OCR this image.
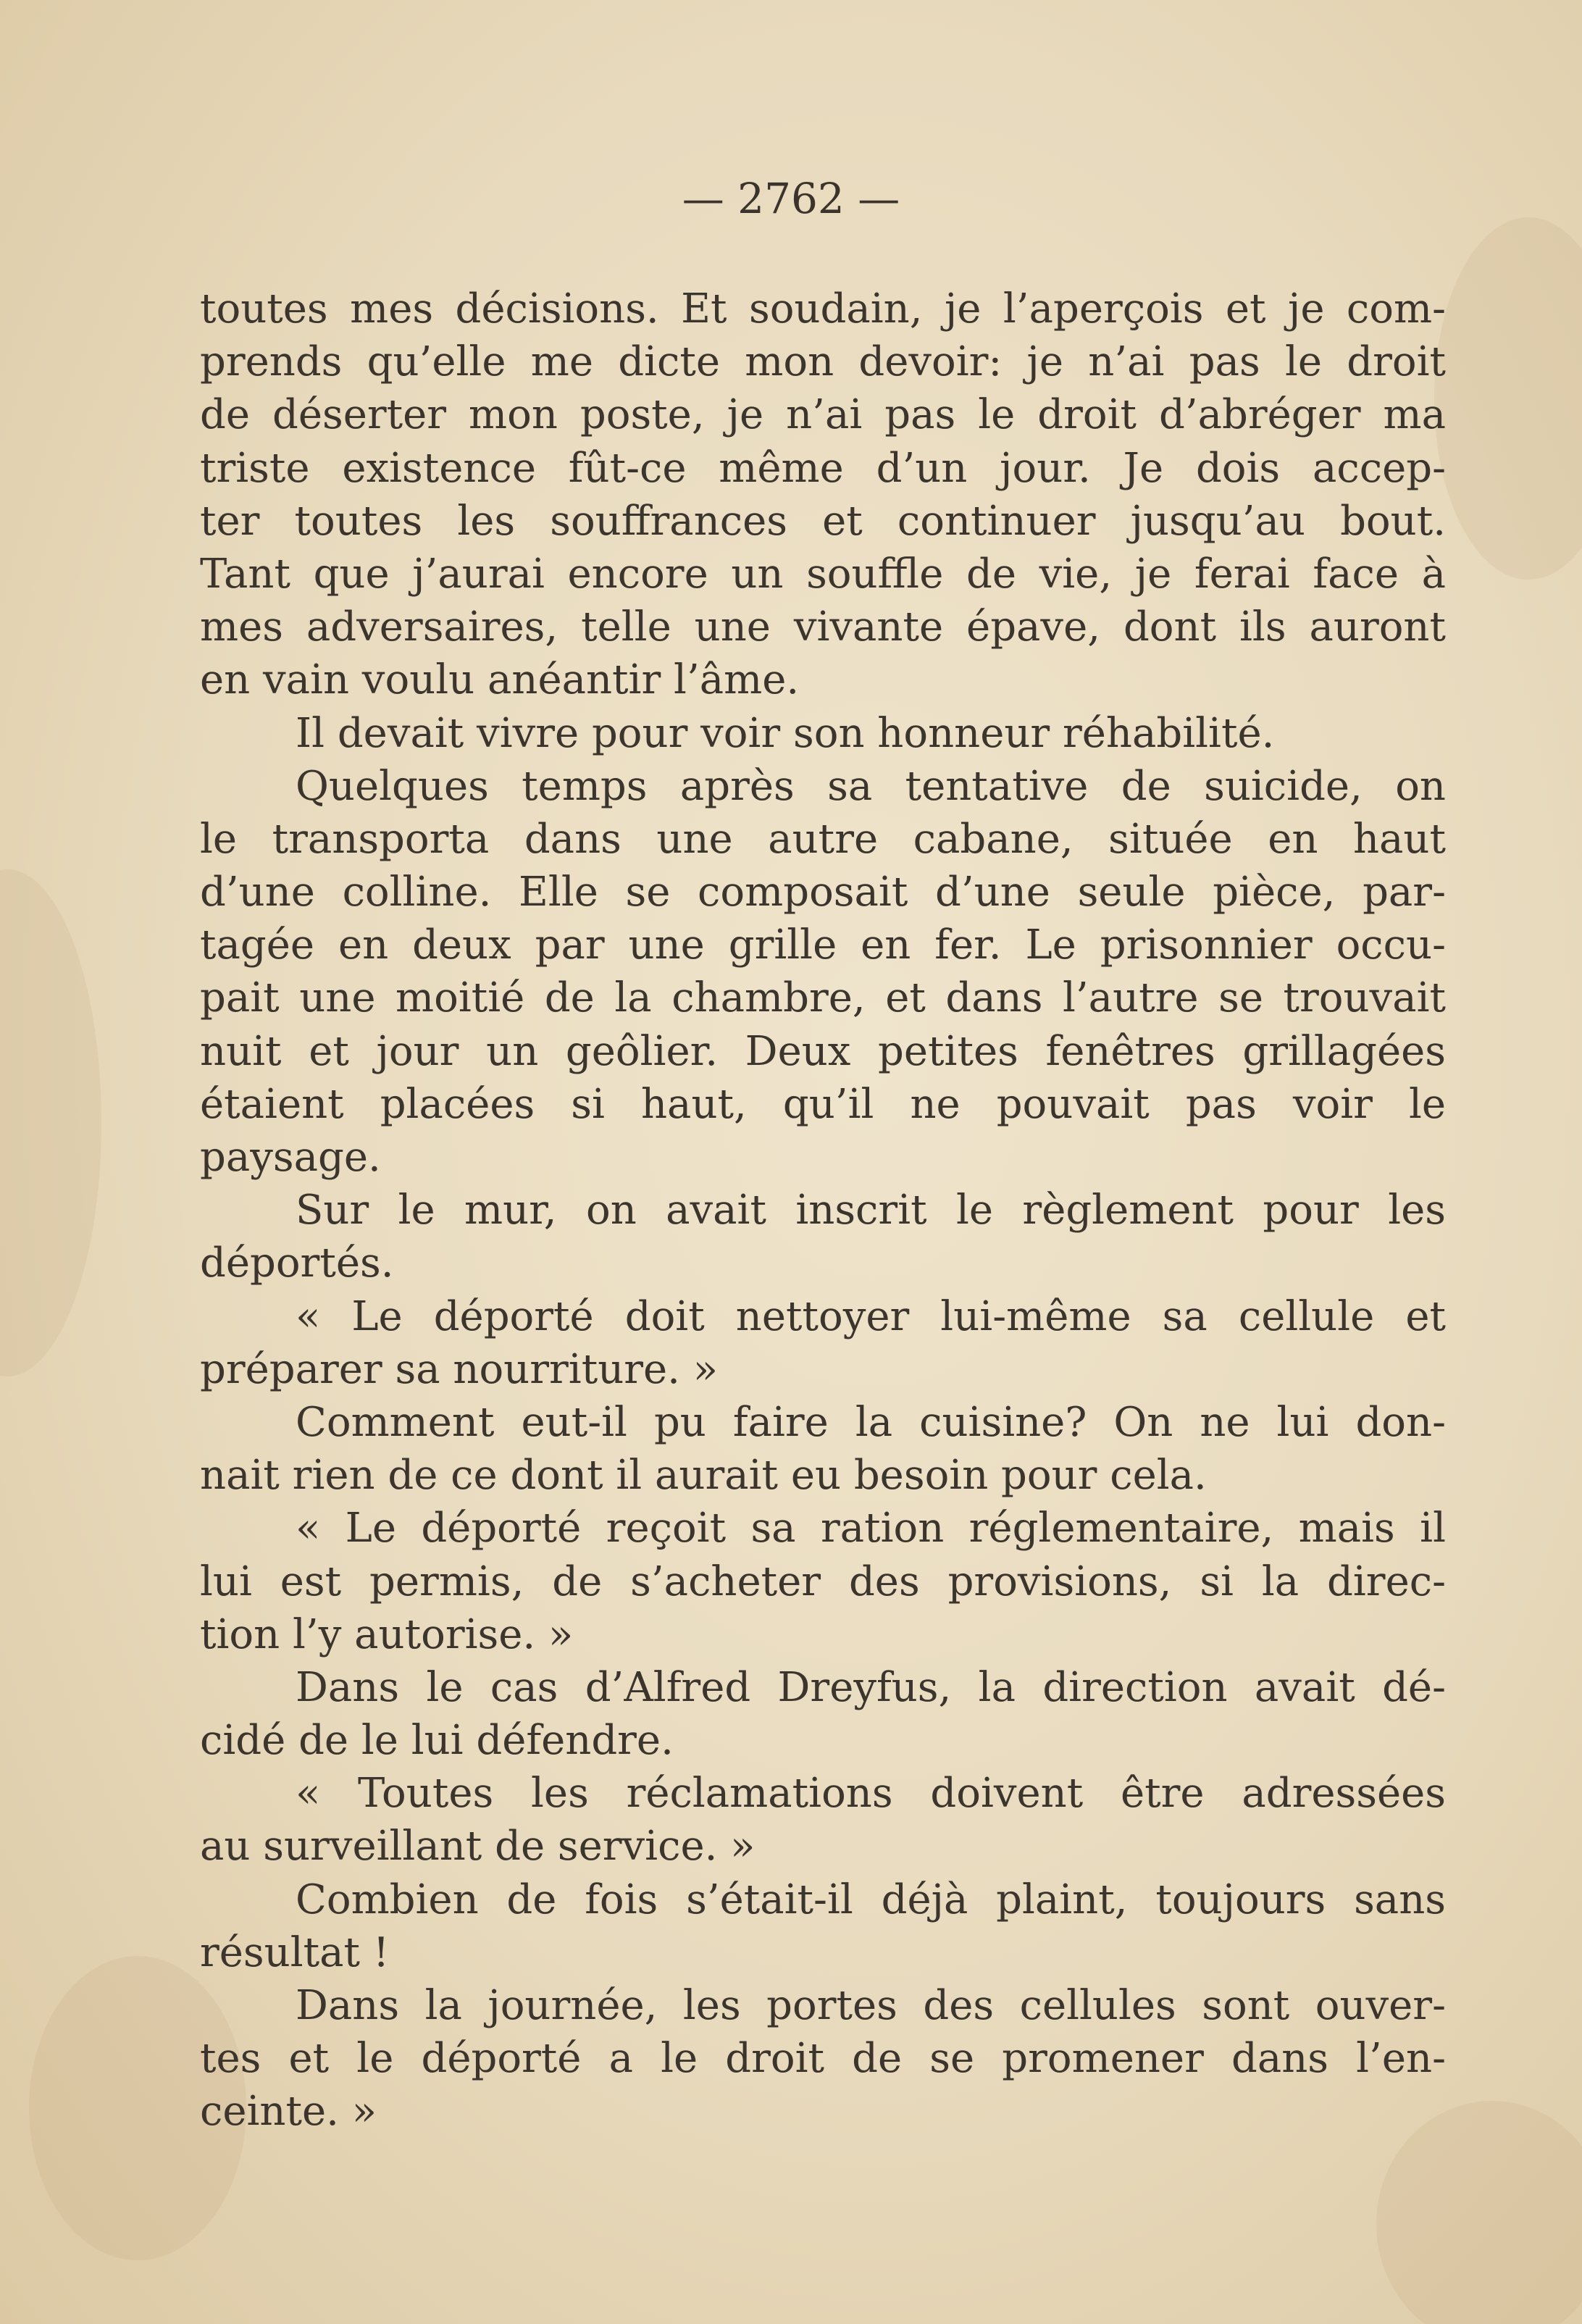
— 2762 —
toutes mes décisions. Et soudain, je l’aperçois et je com-
prends qu’elle me dicte mon devoir: je n’ai pas le droit
de déserter mon poste, je n’ai pas le droit d’abréger ma
triste existence fût-ce même d’un jour. Je dois accep-
ter toutes les souffrances et continuer jusqu’au bout.
Tant que j’aurai encore un souffle de vie, je ferai face à
mes adversaires, telle une vivante épave, dont ils auront
en vain voulu anéantir l’âme.
Il devait vivre pour voir son honneur réhabilité.
Quelques temps après sa tentative de suicide, on
le transporta dans une autre cabane, située en haut
d’une colline. Elle se composait d’une seule pièce, par-
tagée en deux par une grille en fer. Le prisonnier occu-
pait une moitié de la chambre, et dans l’autre se trouvait
nuit et jour un geôlier. Deux petites fenêtres grillagées
étaient placées si haut, qu’il ne pouvait pas voir le
paysage.
Sur le mur, on avait inscrit le règlement pour les
déportés.
« Le déporté doit nettoyer lui-même sa cellule et
préparer sa nourriture. »
Comment eut-il pu faire la cuisine? On ne lui don-
nait rien de ce dont il aurait eu besoin pour cela.
« Le déporté reçoit sa ration réglementaire, mais il
lui est permis, de s’acheter des provisions, si la direc-
tion l’y autorise. »
Dans le cas d’Alfred Dreyfus, la direction avait dé-
cidé de le lui défendre.
« Toutes les réclamations doivent être adressées
au surveillant de service. »
Combien de fois s’était-il déjà plaint, toujours sans
résultat !
Dans la journée, les portes des cellules sont ouver-
tes et le déporté a le droit de se promener dans l’en-
ceinte. »
